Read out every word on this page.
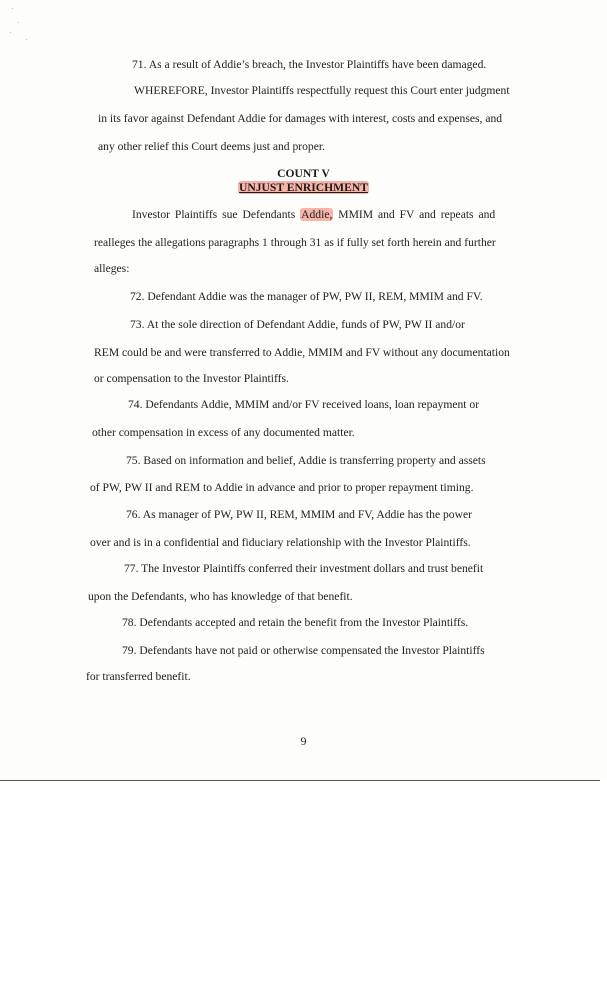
71. As a result of Addie’s breach, the Investor Plaintiffs have been damaged.
WHEREFORE, Investor Plaintiffs respectfully request this Court enter judgment
in its favor against Defendant Addie for damages with interest, costs and expenses, and
any other relief this Court deems just and proper.
COUNT V
UNJUST ENRICHMENT
Investor Plaintiffs sue Defendants Addie, MMIM and FV and repeats and
realleges the allegations paragraphs 1 through 31 as if fully set forth herein and further
alleges:
72. Defendant Addie was the manager of PW, PW II, REM, MMIM and FV.
73. At the sole direction of Defendant Addie, funds of PW, PW II and/or
REM could be and were transferred to Addie, MMIM and FV without any documentation
or compensation to the Investor Plaintiffs.
74. Defendants Addie, MMIM and/or FV received loans, loan repayment or
other compensation in excess of any documented matter.
75. Based on information and belief, Addie is transferring property and assets
of PW, PW II and REM to Addie in advance and prior to proper repayment timing.
76. As manager of PW, PW II, REM, MMIM and FV, Addie has the power
over and is in a confidential and fiduciary relationship with the Investor Plaintiffs.
77. The Investor Plaintiffs conferred their investment dollars and trust benefit
upon the Defendants, who has knowledge of that benefit.
78. Defendants accepted and retain the benefit from the Investor Plaintiffs.
79. Defendants have not paid or otherwise compensated the Investor Plaintiffs
for transferred benefit.
9
